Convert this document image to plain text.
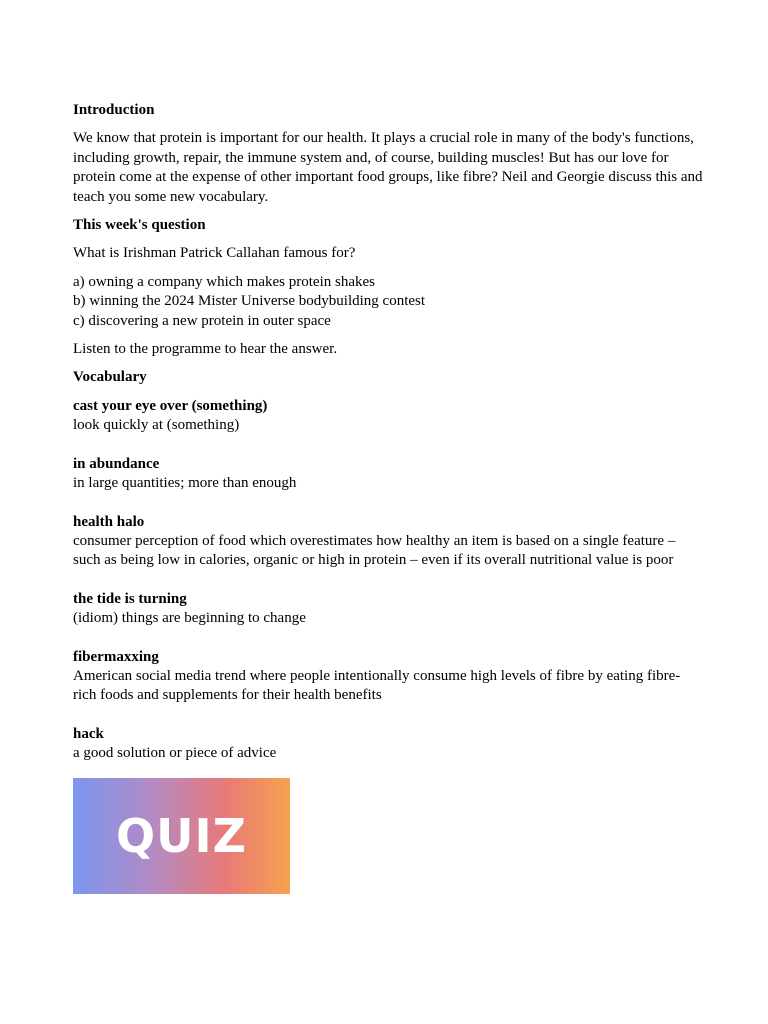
Introduction
We know that protein is important for our health. It plays a crucial role in many of the body's functions, including growth, repair, the immune system and, of course, building muscles! But has our love for protein come at the expense of other important food groups, like fibre? Neil and Georgie discuss this and teach you some new vocabulary.
This week's question
What is Irishman Patrick Callahan famous for?
a) owning a company which makes protein shakes
b) winning the 2024 Mister Universe bodybuilding contest
c) discovering a new protein in outer space
Listen to the programme to hear the answer.
Vocabulary
cast your eye over (something)
look quickly at (something)
in abundance
in large quantities; more than enough
health halo
consumer perception of food which overestimates how healthy an item is based on a single feature – such as being low in calories, organic or high in protein – even if its overall nutritional value is poor
the tide is turning
(idiom) things are beginning to change
fibermaxxing
American social media trend where people intentionally consume high levels of fibre by eating fibre-rich foods and supplements for their health benefits
hack
a good solution or piece of advice
QUIZ
